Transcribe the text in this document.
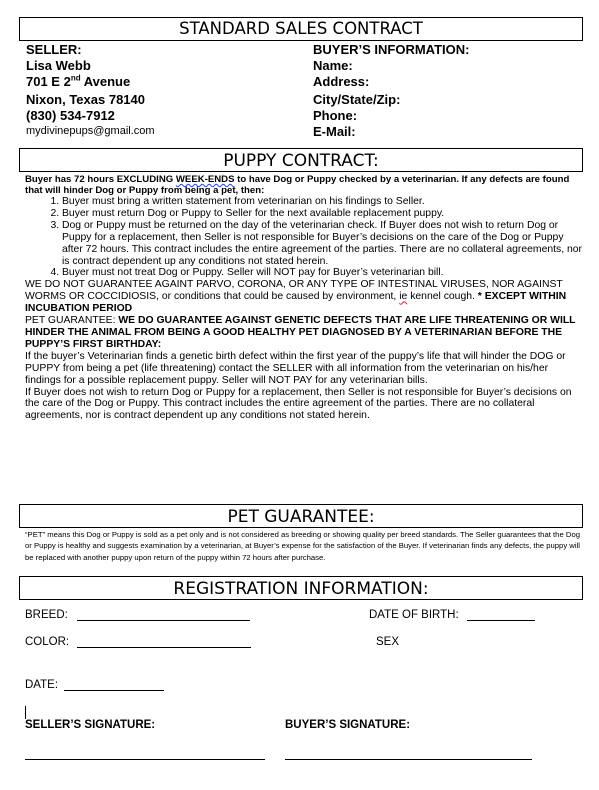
STANDARD SALES CONTRACT
SELLER:
Lisa Webb
701 E 2nd Avenue
Nixon, Texas 78140
(830) 534-7912
mydivinepups@gmail.com
BUYER’S INFORMATION:
Name:
Address:
City/State/Zip:
Phone:
E-Mail:
PUPPY CONTRACT:

Buyer has 72 hours EXCLUDING WEEK-ENDS to have Dog or Puppy checked by a veterinarian. If any defects are found that will hinder Dog or Puppy from being a pet, then:

1. Buyer must bring a written statement from veterinarian on his findings to Seller.
2. Buyer must return Dog or Puppy to Seller for the next available replacement puppy.
3. Dog or Puppy must be returned on the day of the veterinarian check. If Buyer does not wish to return Dog or Puppy for a replacement, then Seller is not responsible for Buyer’s decisions on the care of the Dog or Puppy after 72 hours. This contract includes the entire agreement of the parties. There are no collateral agreements, nor is contract dependent up any conditions not stated herein.
4. Buyer must not treat Dog or Puppy. Seller will NOT pay for Buyer’s veterinarian bill.

WE DO NOT GUARANTEE AGAINT PARVO, CORONA, OR ANY TYPE OF INTESTINAL VIRUSES, NOR AGAINST WORMS OR COCCIDIOSIS, or conditions that could be caused by environment, ie kennel cough. * EXCEPT WITHIN INCUBATION PERIOD

PET GUARANTEE: WE DO GUARANTEE AGAINST GENETIC DEFECTS THAT ARE LIFE THREATENING OR WILL HINDER THE ANIMAL FROM BEING A GOOD HEALTHY PET DIAGNOSED BY A VETERINARIAN BEFORE THE PUPPY’S FIRST BIRTHDAY:

If the buyer’s Veterinarian finds a genetic birth defect within the first year of the puppy’s life that will hinder the DOG or PUPPY from being a pet (life threatening) contact the SELLER with all information from the veterinarian on his/her findings for a possible replacement puppy. Seller will NOT PAY for any veterinarian bills.

If Buyer does not wish to return Dog or Puppy for a replacement, then Seller is not responsible for Buyer’s decisions on the care of the Dog or Puppy. This contract includes the entire agreement of the parties. There are no collateral agreements, nor is contract dependent up any conditions not stated herein.

PET GUARANTEE:
“PET” means this Dog or Puppy is sold as a pet only and is not considered as breeding or showing quality per breed standards. The Seller guarantees that the Dog or Puppy is healthy and suggests examination by a veterinarian, at Buyer’s expense for the satisfaction of the Buyer. If veterinarian finds any defects, the puppy will be replaced with another puppy upon return of the puppy within 72 hours after purchase.
REGISTRATION INFORMATION:
BREED:	DATE OF BIRTH:
COLOR:	SEX
DATE:
SELLER’S SIGNATURE:	BUYER’S SIGNATURE:
